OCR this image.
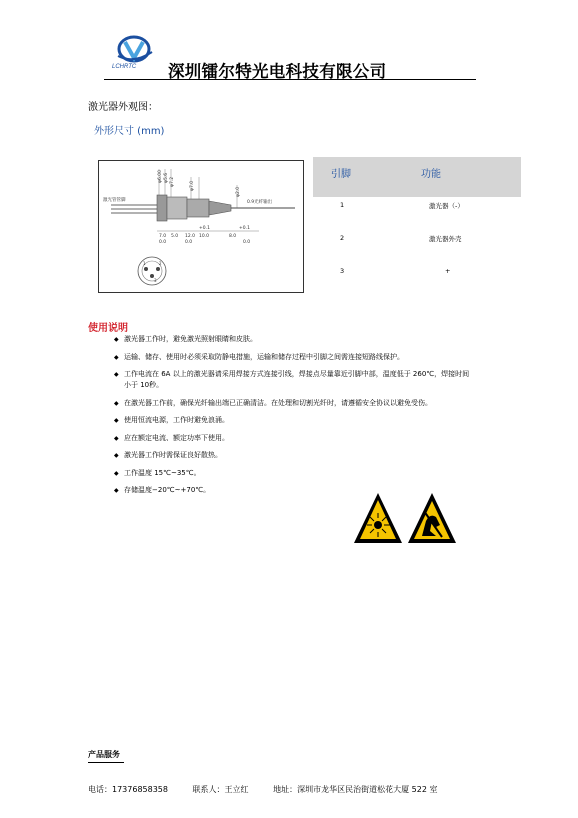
LCHRTC 深圳镭尔特光电科技有限公司
激光器外观图：
外形尺寸 (mm)
激光管管脚	0.9光纤输出
φ6.00 φ5.6 φ7.2	φ7.0
φ2.0
7.0 5.0 12.0 10.0	8.0
+0.1	+0.1
0.0	0.0	0.0
1	2
3
引脚	功能
1	激光器（-）
2	激光器外壳
3	+
使用说明
◆ 激光器工作时，避免激光照射眼睛和皮肤。
◆ 运输、储存、使用时必须采取防静电措施，运输和储存过程中引脚之间需连接短路线保护。
◆ 工作电流在 6A 以上的激光器请采用焊接方式连接引线，焊接点尽量靠近引脚中部，温度低于 260℃，焊接时间小于 10秒。
◆ 在激光器工作前，确保光纤输出端已正确清洁。在处理和切割光纤时，请遵循安全协议以避免受伤。
◆ 使用恒流电源，工作时避免浪涌。
◆ 应在额定电流、额定功率下使用。
◆ 激光器工作时需保证良好散热。
◆ 工作温度 15℃~35℃。
◆ 存储温度−20℃~+70℃。
产品服务
电话：17376858358	联系人：王立红	地址：深圳市龙华区民治街道松花大厦 522 室
